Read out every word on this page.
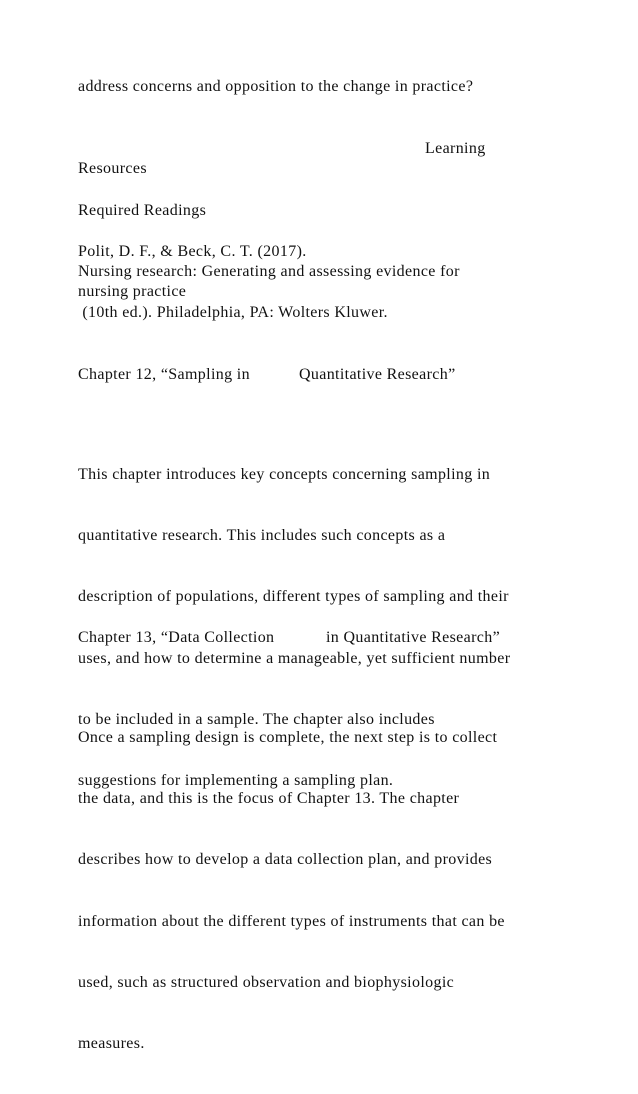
address concerns and opposition to the change in practice?
Learning
Resources
Required Readings
Polit, D. F., & Beck, C. T. (2017).
Nursing research: Generating and assessing evidence for
nursing practice
(10th ed.). Philadelphia, PA: Wolters Kluwer.
Chapter 12, “Sampling in	Quantitative Research”

This chapter introduces key concepts concerning sampling in

quantitative research. This includes such concepts as a

description of populations, different types of sampling and their

uses, and how to determine a manageable, yet sufficient number

to be included in a sample. The chapter also includes

suggestions for implementing a sampling plan.

Chapter 13, “Data Collection	in Quantitative Research”

Once a sampling design is complete, the next step is to collect

the data, and this is the focus of Chapter 13. The chapter

describes how to develop a data collection plan, and provides

information about the different types of instruments that can be

used, such as structured observation and biophysiologic

measures.
